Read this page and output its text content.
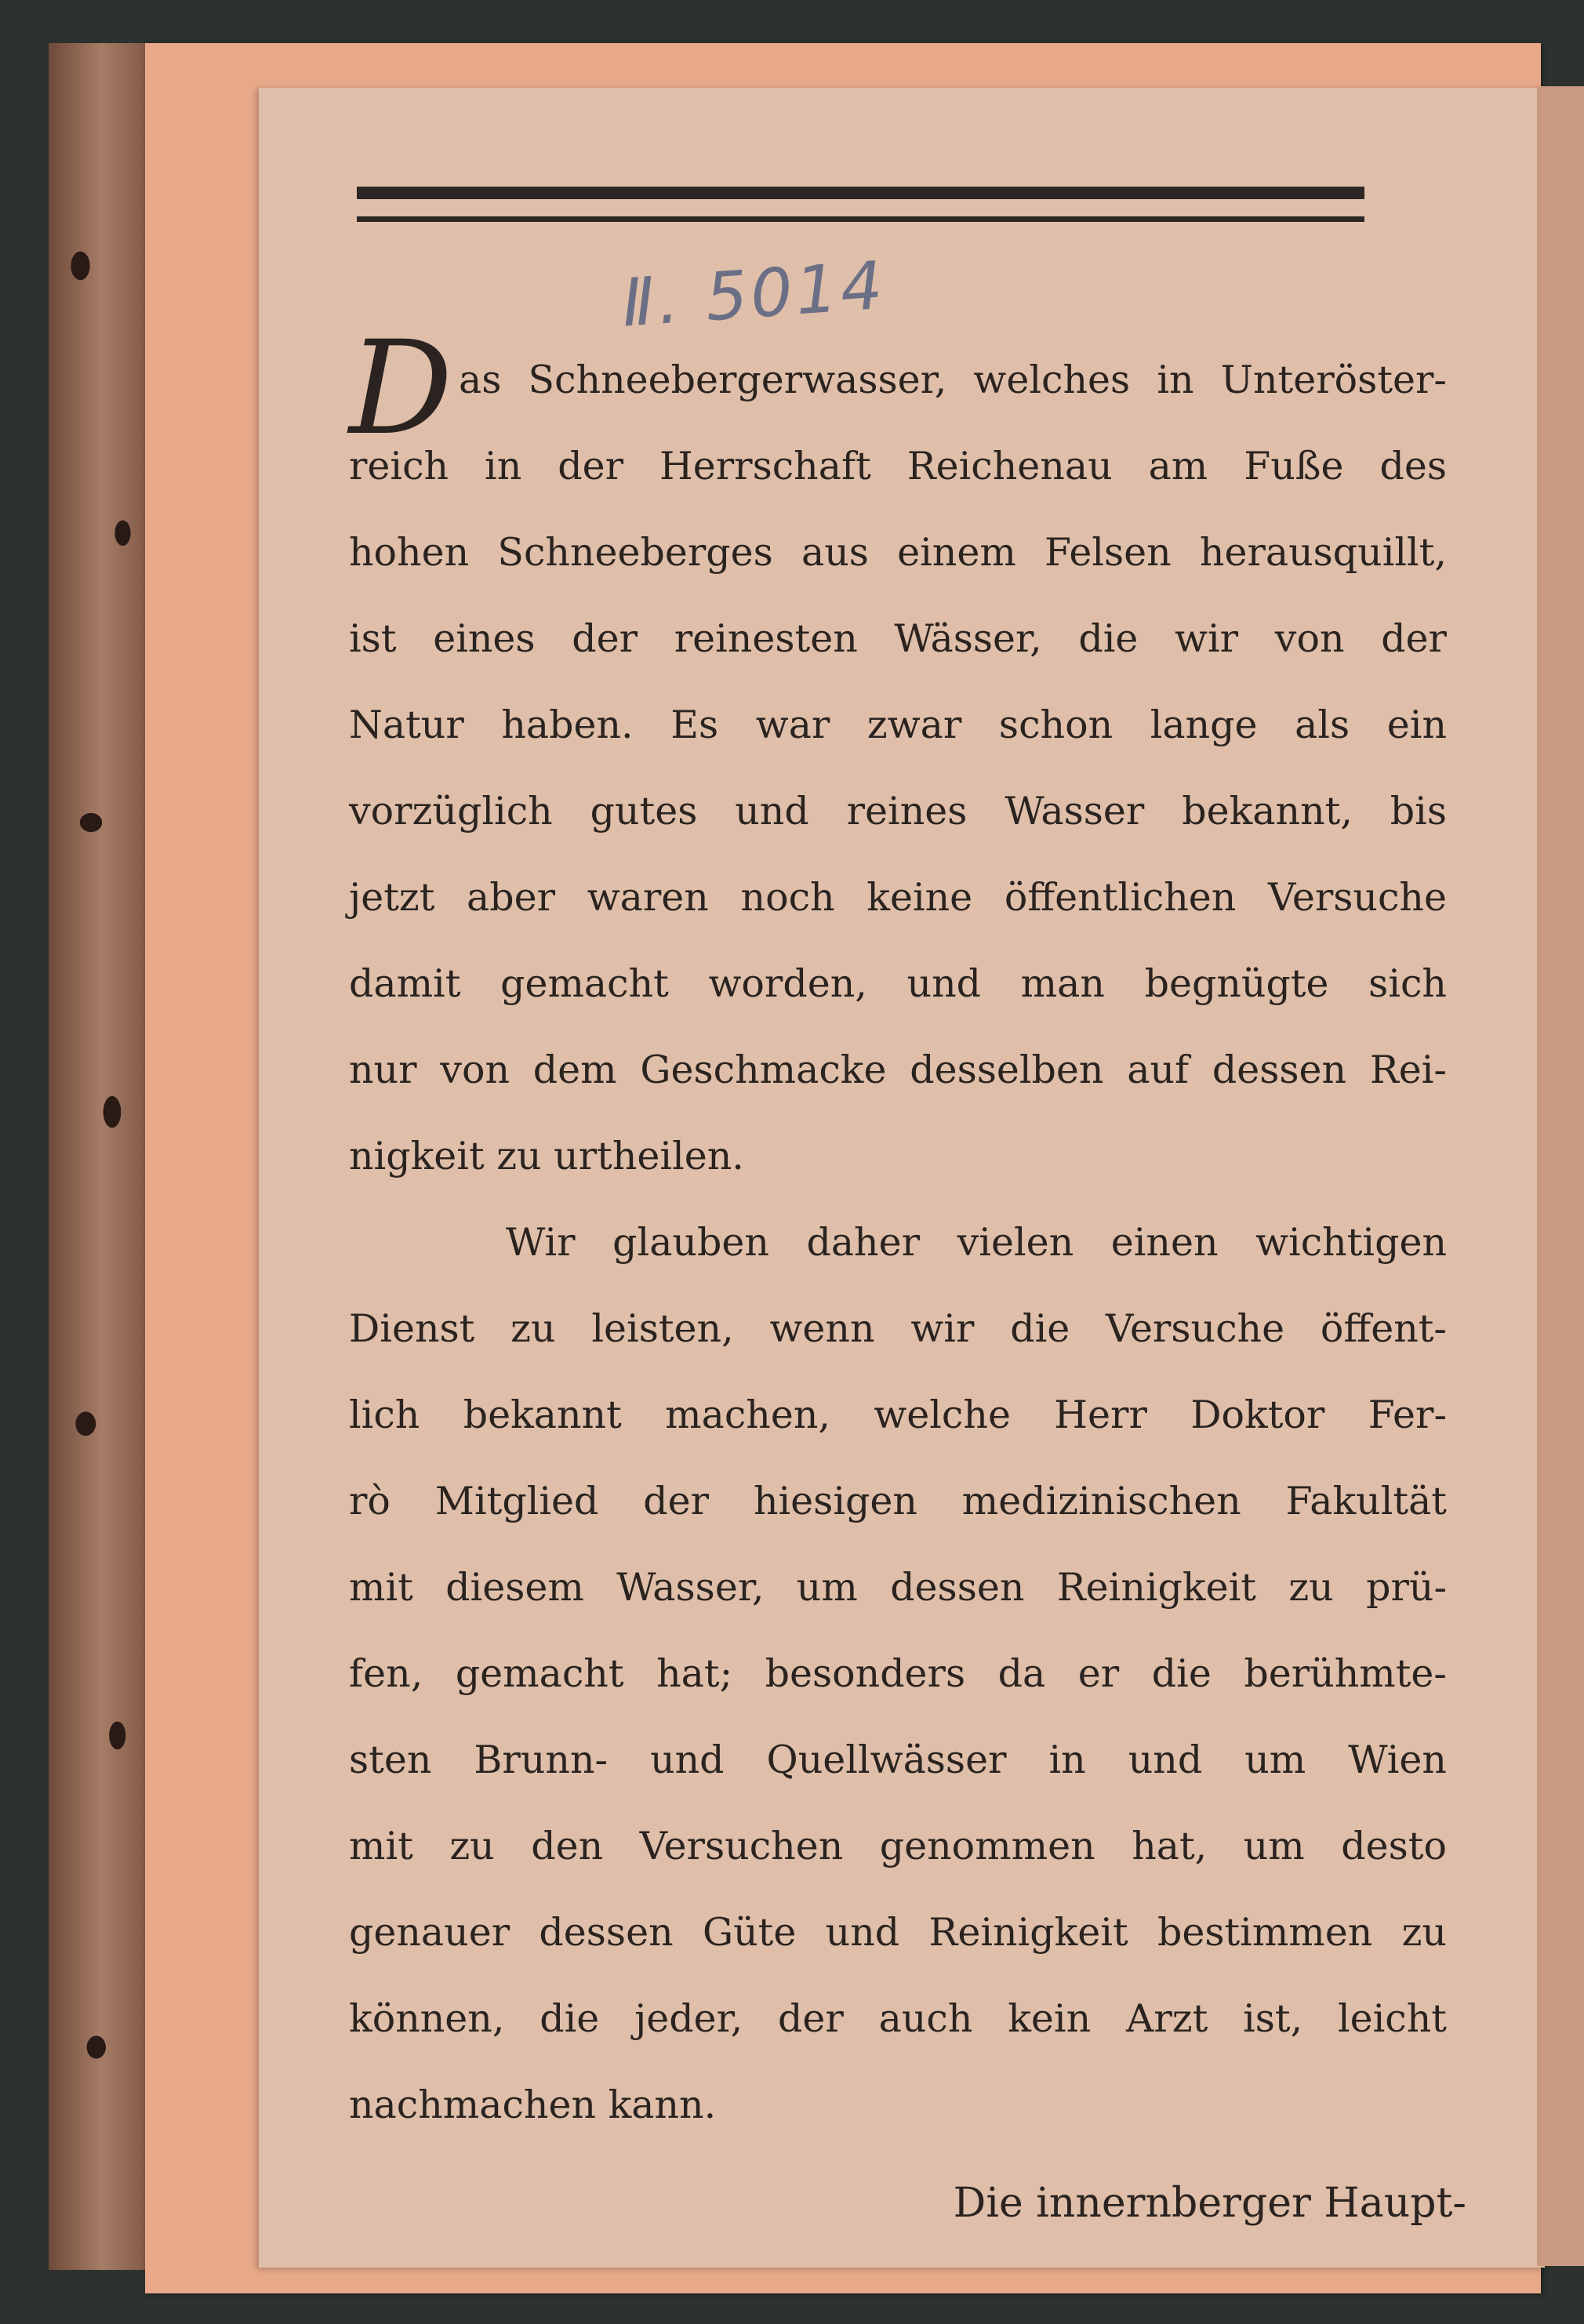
Ⅱ. 5014
D as Schneebergerwasser, welches in Unteröster-
reich in der Herrschaft Reichenau am Fuße des
hohen Schneeberges aus einem Felsen herausquillt,
ist eines der reinesten Wässer, die wir von der
Natur haben. Es war zwar schon lange als ein
vorzüglich gutes und reines Wasser bekannt, bis
jetzt aber waren noch keine öffentlichen Versuche
damit gemacht worden, und man begnügte sich
nur von dem Geschmacke desselben auf dessen Rei-
nigkeit zu urtheilen.
Wir glauben daher vielen einen wichtigen
Dienst zu leisten, wenn wir die Versuche öffent-
lich bekannt machen, welche Herr Doktor Fer-
rò Mitglied der hiesigen medizinischen Fakultät
mit diesem Wasser, um dessen Reinigkeit zu prü-
fen, gemacht hat; besonders da er die berühmte-
sten Brunn- und Quellwässer in und um Wien
mit zu den Versuchen genommen hat, um desto
genauer dessen Güte und Reinigkeit bestimmen zu
können, die jeder, der auch kein Arzt ist, leicht
nachmachen kann.
Die innernberger Haupt-
